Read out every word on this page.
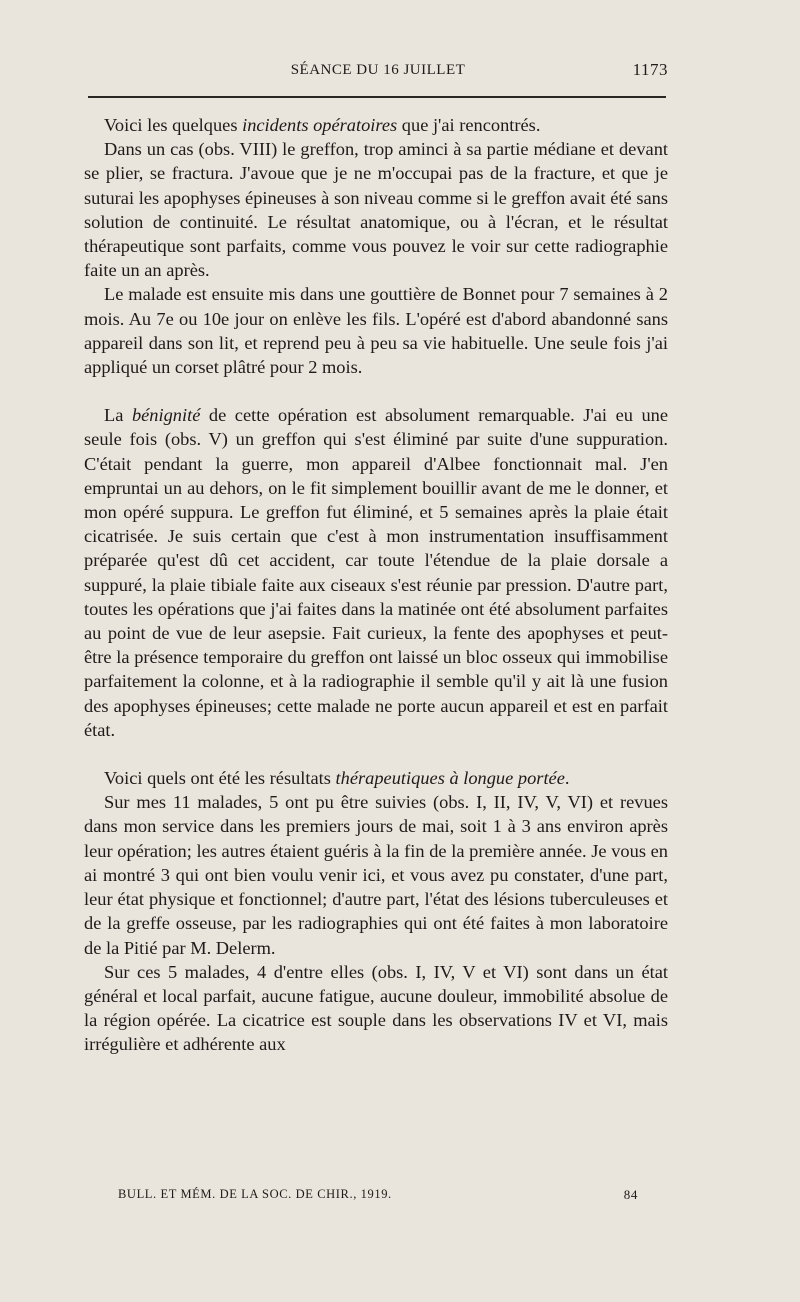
SÉANCE DU 16 JUILLET	1173

Voici les quelques incidents opératoires que j'ai rencontrés.

Dans un cas (obs. VIII) le greffon, trop aminci à sa partie médiane et devant se plier, se fractura. J'avoue que je ne m'occupai pas de la fracture, et que je suturai les apophyses épineuses à son niveau comme si le greffon avait été sans solution de continuité. Le résultat anatomique, ou à l'écran, et le résultat thérapeutique sont parfaits, comme vous pouvez le voir sur cette radiographie faite un an après.

Le malade est ensuite mis dans une gouttière de Bonnet pour 7 semaines à 2 mois. Au 7e ou 10e jour on enlève les fils. L'opéré est d'abord abandonné sans appareil dans son lit, et reprend peu à peu sa vie habituelle. Une seule fois j'ai appliqué un corset plâtré pour 2 mois.

La bénignité de cette opération est absolument remarquable. J'ai eu une seule fois (obs. V) un greffon qui s'est éliminé par suite d'une suppuration. C'était pendant la guerre, mon appareil d'Albee fonctionnait mal. J'en empruntai un au dehors, on le fit simplement bouillir avant de me le donner, et mon opéré suppura. Le greffon fut éliminé, et 5 semaines après la plaie était cicatrisée. Je suis certain que c'est à mon instrumentation insuffisamment préparée qu'est dû cet accident, car toute l'étendue de la plaie dorsale a suppuré, la plaie tibiale faite aux ciseaux s'est réunie par pression. D'autre part, toutes les opérations que j'ai faites dans la matinée ont été absolument parfaites au point de vue de leur asepsie. Fait curieux, la fente des apophyses et peut-être la présence temporaire du greffon ont laissé un bloc osseux qui immobilise parfaitement la colonne, et à la radiographie il semble qu'il y ait là une fusion des apophyses épineuses; cette malade ne porte aucun appareil et est en parfait état.

Voici quels ont été les résultats thérapeutiques à longue portée.

Sur mes 11 malades, 5 ont pu être suivies (obs. I, II, IV, V, VI) et revues dans mon service dans les premiers jours de mai, soit 1 à 3 ans environ après leur opération; les autres étaient guéris à la fin de la première année. Je vous en ai montré 3 qui ont bien voulu venir ici, et vous avez pu constater, d'une part, leur état physique et fonctionnel; d'autre part, l'état des lésions tuberculeuses et de la greffe osseuse, par les radiographies qui ont été faites à mon laboratoire de la Pitié par M. Delerm.

Sur ces 5 malades, 4 d'entre elles (obs. I, IV, V et VI) sont dans un état général et local parfait, aucune fatigue, aucune douleur, immobilité absolue de la région opérée. La cicatrice est souple dans les observations IV et VI, mais irrégulière et adhérente aux

BULL. ET MÉM. DE LA SOC. DE CHIR., 1919.	84
